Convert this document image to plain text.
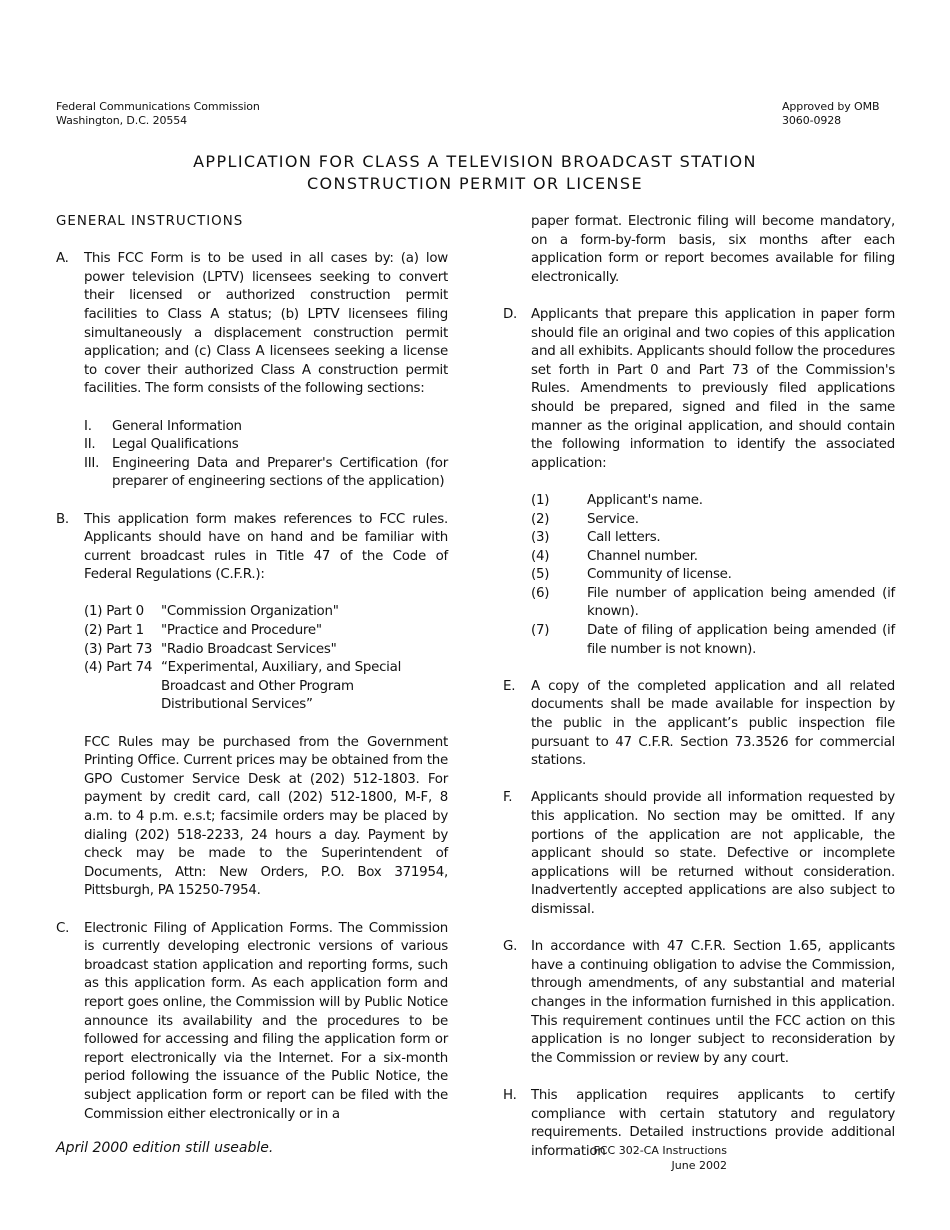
Federal Communications Commission
Washington, D.C. 20554
Approved by OMB
3060-0928
APPLICATION FOR CLASS A TELEVISION BROADCAST STATION
CONSTRUCTION PERMIT OR LICENSE
GENERAL INSTRUCTIONS
A.	This FCC Form is to be used in all cases by: (a) low power television (LPTV) licensees seeking to convert their licensed or authorized construction permit facilities to Class A status; (b) LPTV licensees filing simultaneously a displacement construction permit application; and (c) Class A licensees seeking a license to cover their authorized Class A construction permit facilities. The form consists of the following sections:
I.	General Information
II.	Legal Qualifications
III. Engineering Data and Preparer's Certification (for preparer of engineering sections of the application)
B.	This application form makes references to FCC rules. Applicants should have on hand and be familiar with current broadcast rules in Title 47 of the Code of Federal Regulations (C.F.R.):
(1) Part 0	"Commission Organization"
(2) Part 1	"Practice and Procedure"
(3) Part 73 "Radio Broadcast Services"
(4) Part 74 “Experimental, Auxiliary, and Special Broadcast and Other Program Distributional Services”
FCC Rules may be purchased from the Government Printing Office. Current prices may be obtained from the GPO Customer Service Desk at (202) 512-1803. For payment by credit card, call (202) 512-1800, M-F, 8 a.m. to 4 p.m. e.s.t; facsimile orders may be placed by dialing (202) 518-2233, 24 hours a day. Payment by check may be made to the Superintendent of Documents, Attn: New Orders, P.O. Box 371954, Pittsburgh, PA 15250-7954.
C.	Electronic Filing of Application Forms. The Commission is currently developing electronic versions of various broadcast station application and reporting forms, such as this application form. As each application form and report goes online, the Commission will by Public Notice announce its availability and the procedures to be followed for accessing and filing the application form or report electronically via the Internet. For a six-month period following the issuance of the Public Notice, the subject application form or report can be filed with the Commission either electronically or in a
paper format. Electronic filing will become mandatory, on a form-by-form basis, six months after each application form or report becomes available for filing electronically.
D.	Applicants that prepare this application in paper form should file an original and two copies of this application and all exhibits. Applicants should follow the procedures set forth in Part 0 and Part 73 of the Commission's Rules. Amendments to previously filed applications should be prepared, signed and filed in the same manner as the original application, and should contain the following information to identify the associated application:
(1)	Applicant's name.
(2)	Service.
(3)	Call letters.
(4)	Channel number.
(5)	Community of license.
(6)	File number of application being amended (if known).
(7)	Date of filing of application being amended (if file number is not known).
E.	A copy of the completed application and all related documents shall be made available for inspection by the public in the applicant’s public inspection file pursuant to 47 C.F.R. Section 73.3526 for commercial stations.
F.	Applicants should provide all information requested by this application. No section may be omitted. If any portions of the application are not applicable, the applicant should so state. Defective or incomplete applications will be returned without consideration. Inadvertently accepted applications are also subject to dismissal.
G.	In accordance with 47 C.F.R. Section 1.65, applicants have a continuing obligation to advise the Commission, through amendments, of any substantial and material changes in the information furnished in this application. This requirement continues until the FCC action on this application is no longer subject to reconsideration by the Commission or review by any court.
H.	This application requires applicants to certify compliance with certain statutory and regulatory requirements. Detailed instructions provide additional information
April 2000 edition still useable.	FCC 302-CA Instructions
June 2002
